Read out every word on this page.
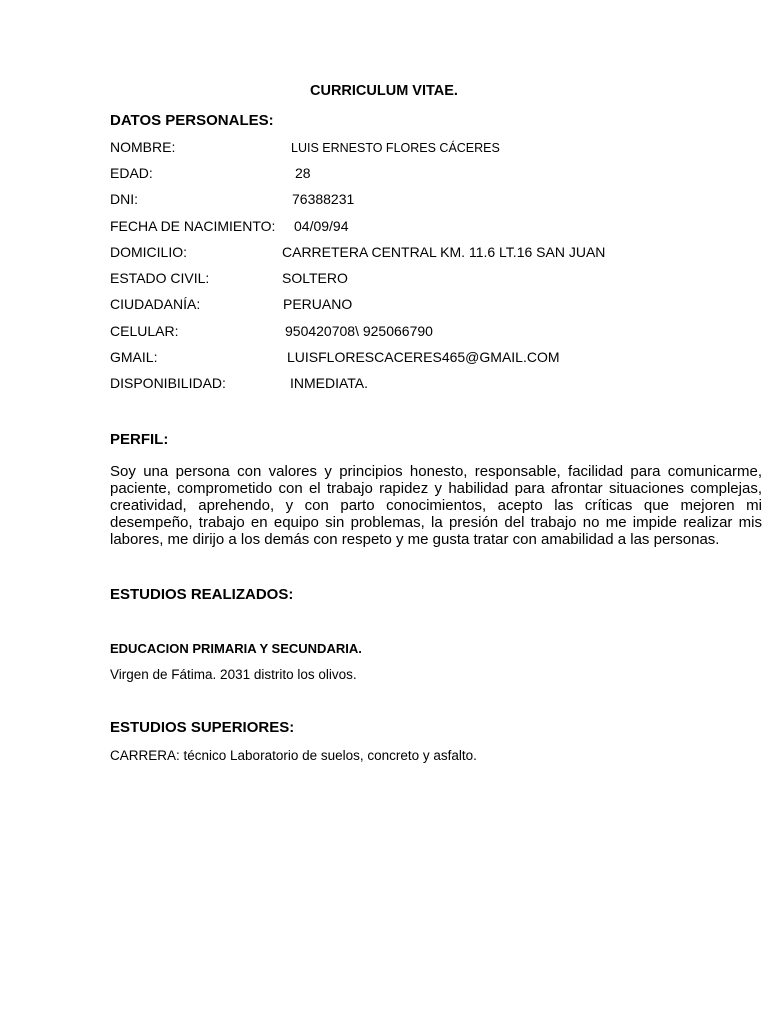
CURRICULUM VITAE.
DATOS PERSONALES:
NOMBRE:	LUIS ERNESTO FLORES CÁCERES
EDAD:	28
DNI:	76388231
FECHA DE NACIMIENTO: 04/09/94
DOMICILIO:	CARRETERA CENTRAL KM. 11.6 LT.16 SAN JUAN
ESTADO CIVIL:	SOLTERO
CIUDADANÍA:	PERUANO
CELULAR:	950420708\ 925066790
GMAIL:	LUISFLORESCACERES465@GMAIL.COM
DISPONIBILIDAD:	INMEDIATA.
PERFIL:
Soy una persona con valores y principios honesto, responsable, facilidad para comunicarme,
paciente, comprometido con el trabajo rapidez y habilidad para afrontar situaciones complejas,
creatividad, aprehendo, y con parto conocimientos, acepto las críticas que mejoren mi
desempeño, trabajo en equipo sin problemas, la presión del trabajo no me impide realizar mis
labores, me dirijo a los demás con respeto y me gusta tratar con amabilidad a las personas.
ESTUDIOS REALIZADOS:
EDUCACION PRIMARIA Y SECUNDARIA.
Virgen de Fátima. 2031 distrito los olivos.
ESTUDIOS SUPERIORES:
CARRERA: técnico Laboratorio de suelos, concreto y asfalto.
